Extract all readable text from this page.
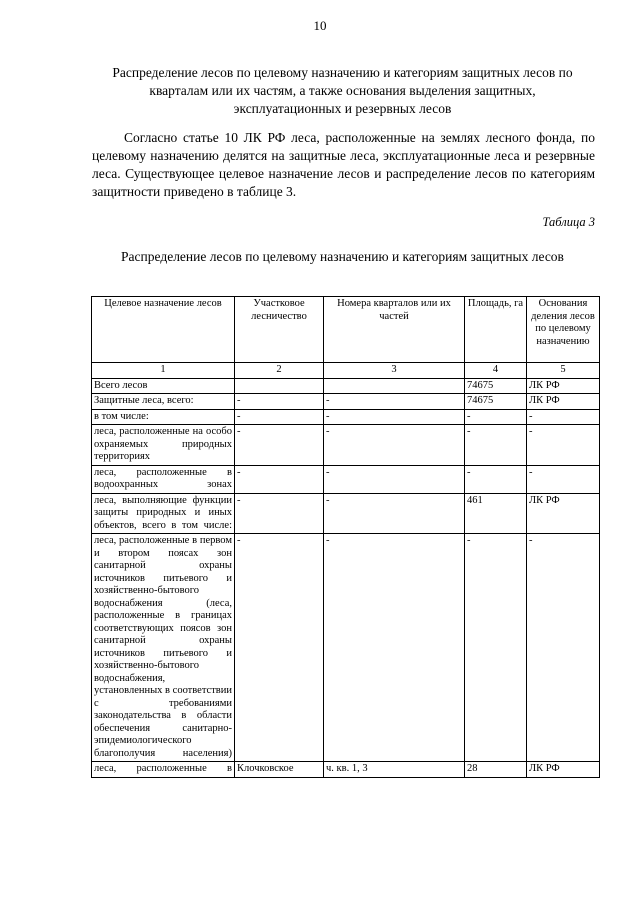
10
Распределение лесов по целевому назначению и категориям защитных лесов по кварталам или их частям, а также основания выделения защитных, эксплуатационных и резервных лесов
Согласно статье 10 ЛК РФ леса, расположенные на землях лесного фонда, по целевому назначению делятся на защитные леса, эксплуатационные леса и резервные леса. Существующее целевое назначение лесов и распределение лесов по категориям защитности приведено в таблице 3.
Таблица 3
Распределение лесов по целевому назначению и категориям защитных лесов
Целевое назначение лесов	Участковое лесничество	Номера кварталов или их частей	Площадь, га	Основания деления лесов по целевому назначению
1	2	3	4	5
Всего лесов			74675	ЛК РФ
Защитные леса, всего:	-	-	74675	ЛК РФ
в том числе:	-	-	-	-
леса, расположенные на особо охраняемых природных территориях	-	-	-	-
леса, расположенные в водоохранных зонах	-	-	-	-
леса, выполняющие функции защиты природных и иных объектов, всего в том числе:	-	-	461	ЛК РФ
леса, расположенные в первом и втором поясах зон санитарной охраны источников питьевого и хозяйственно-бытового водоснабжения (леса, расположенные в границах соответствующих поясов зон санитарной охраны источников питьевого и хозяйственно-бытового водоснабжения, установленных в соответствии с требованиями законодательства в области обеспечения санитарно-эпидемиологического благополучия населения)	-	-	-	-
леса, расположенные в	Клочковское	ч. кв. 1, 3	28	ЛК РФ
